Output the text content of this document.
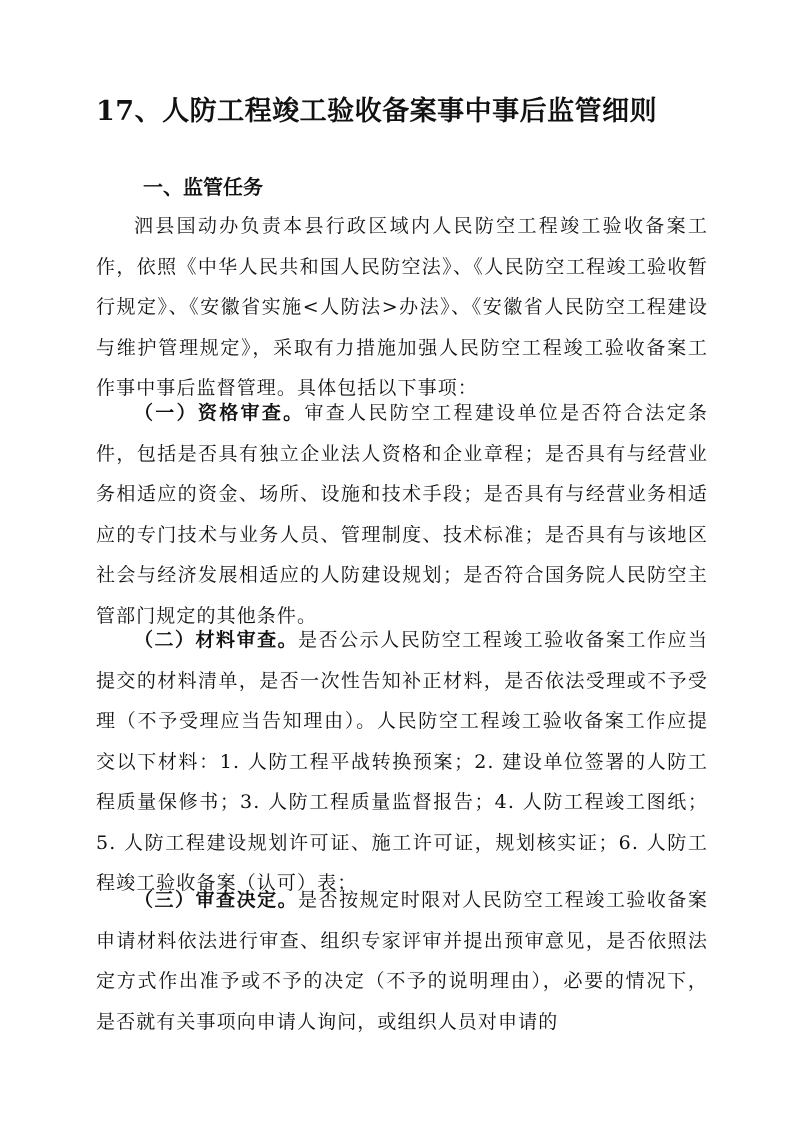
17、人防工程竣工验收备案事中事后监管细则
一、监管任务

泗县国动办负责本县行政区域内人民防空工程竣工验收备案工作，依照《中华人民共和国人民防空法》、《人民防空工程竣工验收暂行规定》、《安徽省实施<人防法>办法》、《安徽省人民防空工程建设与维护管理规定》，采取有力措施加强人民防空工程竣工验收备案工作事中事后监督管理。具体包括以下事项：

（一）资格审查。审查人民防空工程建设单位是否符合法定条件，包括是否具有独立企业法人资格和企业章程；是否具有与经营业务相适应的资金、场所、设施和技术手段；是否具有与经营业务相适应的专门技术与业务人员、管理制度、技术标准；是否具有与该地区社会与经济发展相适应的人防建设规划；是否符合国务院人民防空主管部门规定的其他条件。

（二）材料审查。是否公示人民防空工程竣工验收备案工作应当提交的材料清单，是否一次性告知补正材料，是否依法受理或不予受理（不予受理应当告知理由）。人民防空工程竣工验收备案工作应提交以下材料：1. 人防工程平战转换预案；2. 建设单位签署的人防工程质量保修书；3. 人防工程质量监督报告；4. 人防工程竣工图纸；5. 人防工程建设规划许可证、施工许可证，规划核实证；6. 人防工程竣工验收备案（认可）表；

（三）审查决定。是否按规定时限对人民防空工程竣工验收备案申请材料依法进行审查、组织专家评审并提出预审意见，是否依照法定方式作出准予或不予的决定（不予的说明理由），必要的情况下，是否就有关事项向申请人询问，或组织人员对申请的
